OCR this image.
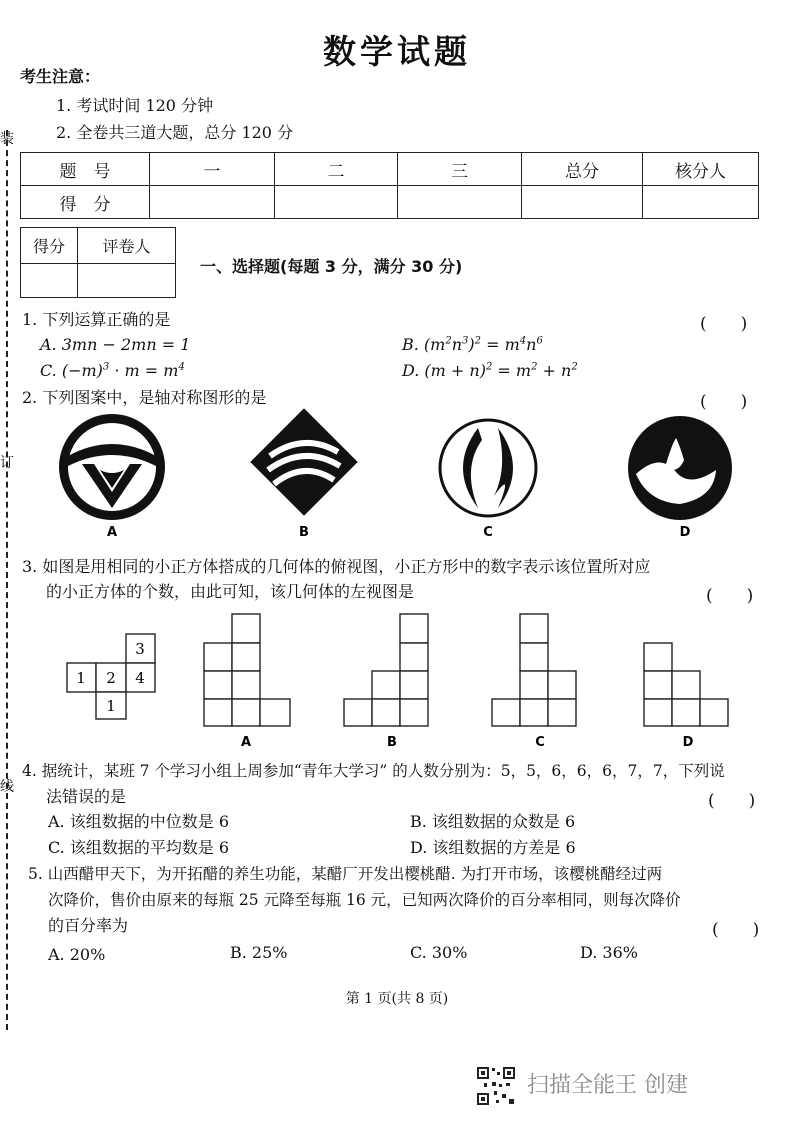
数学试题
装
订
线
考生注意：
1. 考试时间 120 分钟
2. 全卷共三道大题，总分 120 分
题　号	一	二	三	总分	核分人
得　分					
得分	评卷人

一、选择题(每题 3 分，满分 30 分)
1. 下列运算正确的是	(　　)
A. 3mn − 2mn = 1	B. $(m^2n^3)^2 = m^4n^6$
C. $(-m)^3 \cdot m = m^4$	D. $(m + n)^2 = m^2 + n^2$
2. 下列图案中，是轴对称图形的是	(　　)
A	B	C	D
3. 如图是用相同的小正方体搭成的几何体的俯视图，小正方形中的数字表示该位置所对应
的小正方体的个数，由此可知，该几何体的左视图是	(　　)
3
1 2 4
1
A	B	C	D
4. 据统计，某班 7 个学习小组上周参加“青年大学习” 的人数分别为：5，5，6，6，6，7，7，下列说
法错误的是	(　　)
A. 该组数据的中位数是 6	B. 该组数据的众数是 6
C. 该组数据的平均数是 6	D. 该组数据的方差是 6
5. 山西醋甲天下，为开拓醋的养生功能，某醋厂开发出樱桃醋. 为打开市场，该樱桃醋经过两
次降价，售价由原来的每瓶 25 元降至每瓶 16 元，已知两次降价的百分率相同，则每次降价
的百分率为	(　　)
A. 20%	B. 25%	C. 30%	D. 36%
第 1 页(共 8 页)
扫描全能王 创建
